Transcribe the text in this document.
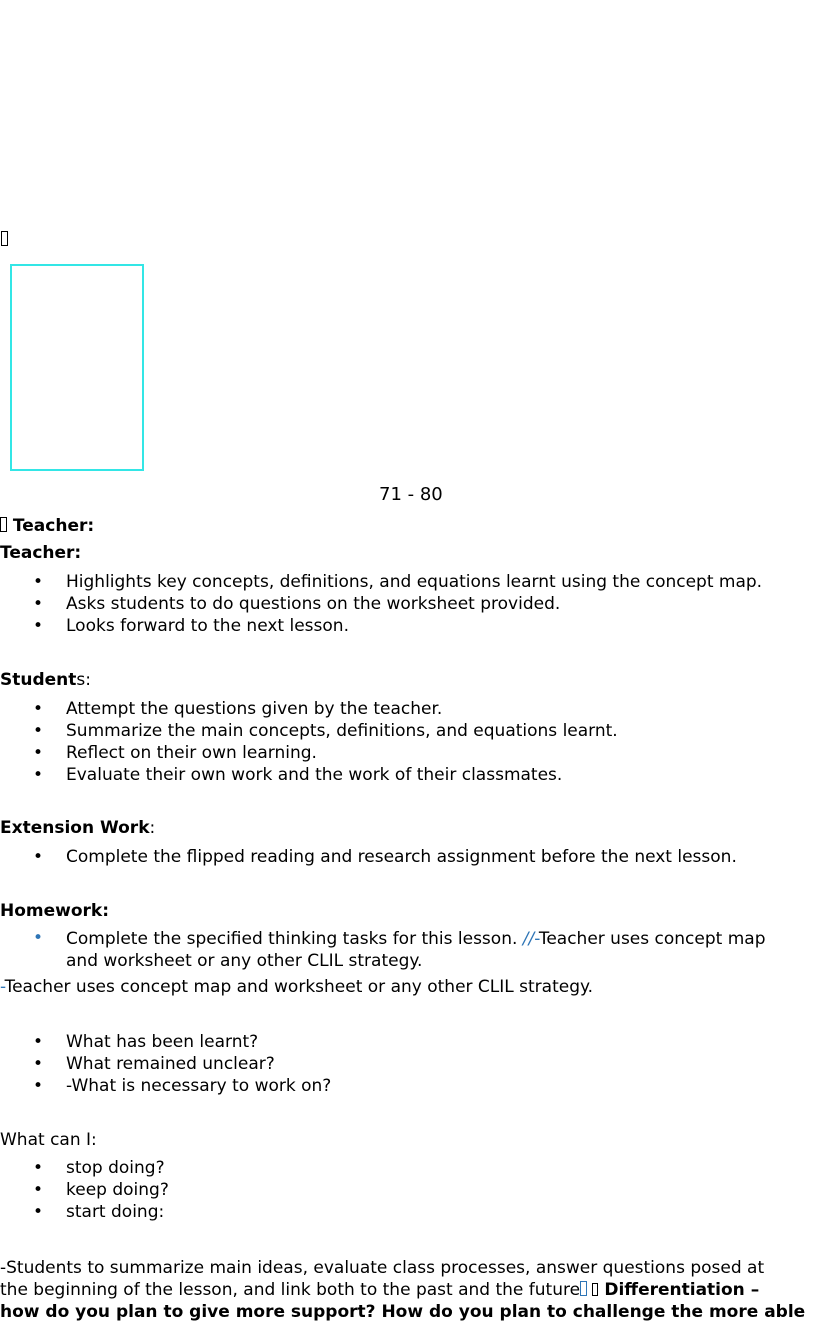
71 - 80

Teacher:

Teacher:

• Highlights key concepts, definitions, and equations learnt using the concept map.
• Asks students to do questions on the worksheet provided.
• Looks forward to the next lesson.

Students:

• Attempt the questions given by the teacher.
• Summarize the main concepts, definitions, and equations learnt.
• Reflect on their own learning.
• Evaluate their own work and the work of their classmates.

Extension Work:

• Complete the flipped reading and research assignment before the next lesson.

Homework:

• Complete the specified thinking tasks for this lesson. //-Teacher uses concept map
and worksheet or any other CLIL strategy.

-Teacher uses concept map and worksheet or any other CLIL strategy.

• What has been learnt?
• What remained unclear?
• -What is necessary to work on?

What can I:

• stop doing?
• keep doing?
• start doing:

-Students to summarize main ideas, evaluate class processes, answer questions posed at

the beginning of the lesson, and link both to the past and the future  Differentiation –

how do you plan to give more support? How do you plan to challenge the more able
